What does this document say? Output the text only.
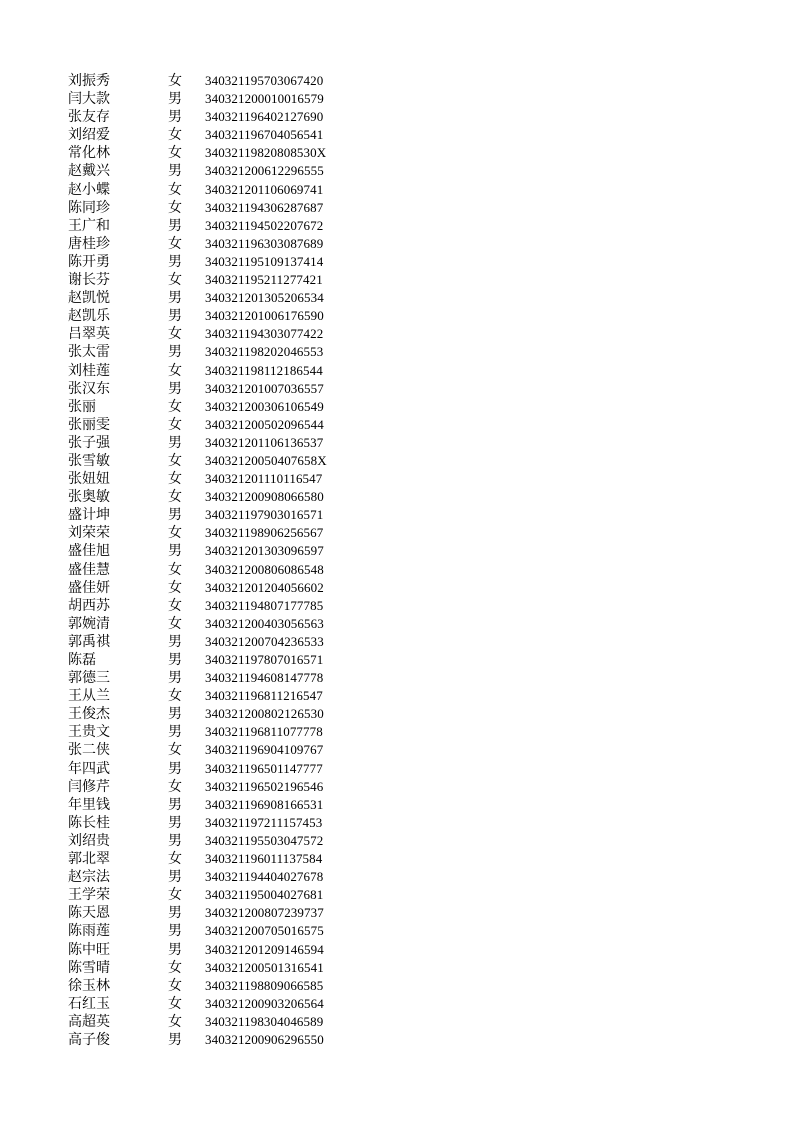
刘振秀	女 340321195703067420
闫大款	男 340321200010016579
张友存	男 340321196402127690
刘绍爱	女 340321196704056541
常化林	女 34032119820808530X
赵戴兴	男 340321200612296555
赵小蝶	女 340321201106069741
陈同珍	女 340321194306287687
王广和	男 340321194502207672
唐桂珍	女 340321196303087689
陈开勇	男 340321195109137414
谢长芬	女 340321195211277421
赵凯悦	男 340321201305206534
赵凯乐	男 340321201006176590
吕翠英	女 340321194303077422
张太雷	男 340321198202046553
刘桂莲	女 340321198112186544
张汉东	男 340321201007036557
张丽	女 340321200306106549
张丽雯	女 340321200502096544
张子强	男 340321201106136537
张雪敏	女 34032120050407658X
张妞妞	女 340321201110116547
张奥敏	女 340321200908066580
盛计坤	男 340321197903016571
刘荣荣	女 340321198906256567
盛佳旭	男 340321201303096597
盛佳慧	女 340321200806086548
盛佳妍	女 340321201204056602
胡西苏	女 340321194807177785
郭婉清	女 340321200403056563
郭禹祺	男 340321200704236533
陈磊	男 340321197807016571
郭德三	男 340321194608147778
王从兰	女 340321196811216547
王俊杰	男 340321200802126530
王贵文	男 340321196811077778
张二侠	女 340321196904109767
年四武	男 340321196501147777
闫修芹	女 340321196502196546
年里钱	男 340321196908166531
陈长桂	男 340321197211157453
刘绍贵	男 340321195503047572
郭北翠	女 340321196011137584
赵宗法	男 340321194404027678
王学荣	女 340321195004027681
陈天恩	男 340321200807239737
陈雨莲	男 340321200705016575
陈中旺	男 340321201209146594
陈雪晴	女 340321200501316541
徐玉林	女 340321198809066585
石红玉	女 340321200903206564
高超英	女 340321198304046589
高子俊	男 340321200906296550
